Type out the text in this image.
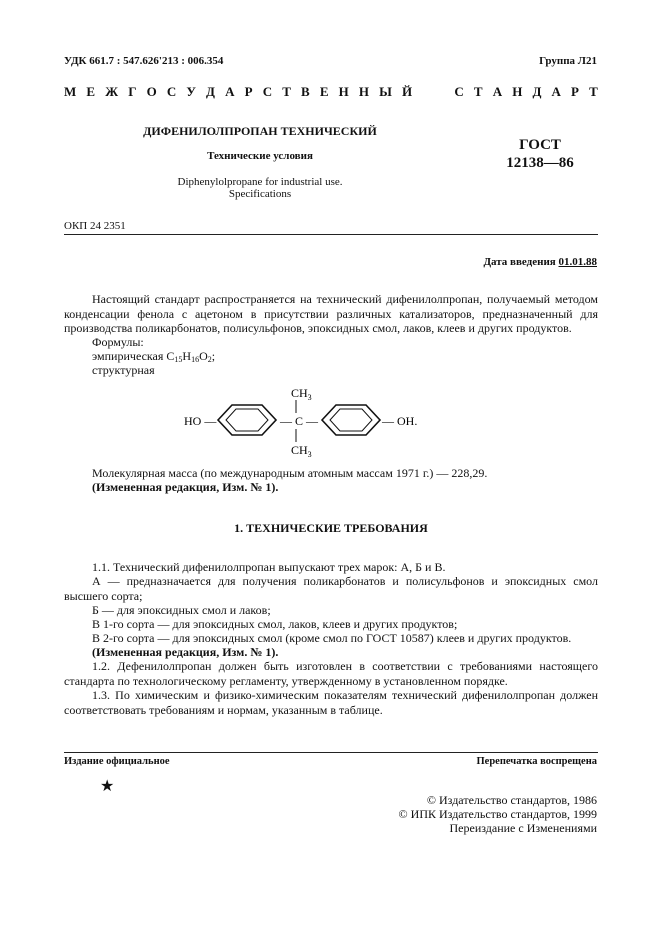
УДК 661.7 : 547.626'213 : 006.354	Группа Л21
М Е Ж Г О С У Д А Р С Т В Е Н Н Ы Й	С Т А Н Д А Р Т
ДИФЕНИЛОЛПРОПАН ТЕХНИЧЕСКИЙ
Технические условия
Diphenylolpropane for industrial use.
Specifications
ГОСТ
12138—86
ОКП 24 2351
Дата введения 01.01.88
Настоящий стандарт распространяется на технический дифенилолпропан, получаемый методом конденсации фенола с ацетоном в присутствии различных катализаторов, предназначенный для производства поликарбонатов, полисульфонов, эпоксидных смол, лаков, клеев и других продуктов.
Формулы:
эмпирическая $C_{15}H_{16}O_2$;
структурная
HO —	— C —
$CH_3$
$CH_3$
— OH.
Молекулярная масса (по международным атомным массам 1971 г.) — 228,29.
(Измененная редакция, Изм. № 1).
1. ТЕХНИЧЕСКИЕ ТРЕБОВАНИЯ
1.1. Технический дифенилолпропан выпускают трех марок: А, Б и В.
А — предназначается для получения поликарбонатов и полисульфонов и эпоксидных смол высшего сорта;
Б — для эпоксидных смол и лаков;
В 1-го сорта — для эпоксидных смол, лаков, клеев и других продуктов;
В 2-го сорта — для эпоксидных смол (кроме смол по ГОСТ 10587) клеев и других продуктов.
(Измененная редакция, Изм. № 1).
1.2. Дефенилолпропан должен быть изготовлен в соответствии с требованиями настоящего стандарта по технологическому регламенту, утвержденному в установленном порядке.
1.3. По химическим и физико-химическим показателям технический дифенилолпропан должен соответствовать требованиям и нормам, указанным в таблице.
Издание официальное	Перепечатка воспрещена
★
© Издательство стандартов, 1986
© ИПК Издательство стандартов, 1999
Переиздание с Изменениями
